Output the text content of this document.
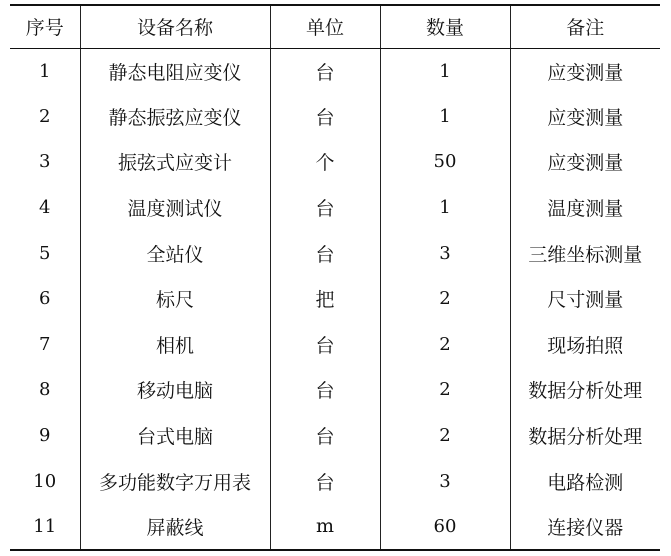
序号	设备名称	单位	数量	备注
1	静态电阻应变仪	台	1	应变测量
2	静态振弦应变仪	台	1	应变测量
3	振弦式应变计	个	50	应变测量
4	温度测试仪	台	1	温度测量
5	全站仪	台	3	三维坐标测量
6	标尺	把	2	尺寸测量
7	相机	台	2	现场拍照
8	移动电脑	台	2	数据分析处理
9	台式电脑	台	2	数据分析处理
10	多功能数字万用表	台	3	电路检测
11	屏蔽线	m	60	连接仪器
